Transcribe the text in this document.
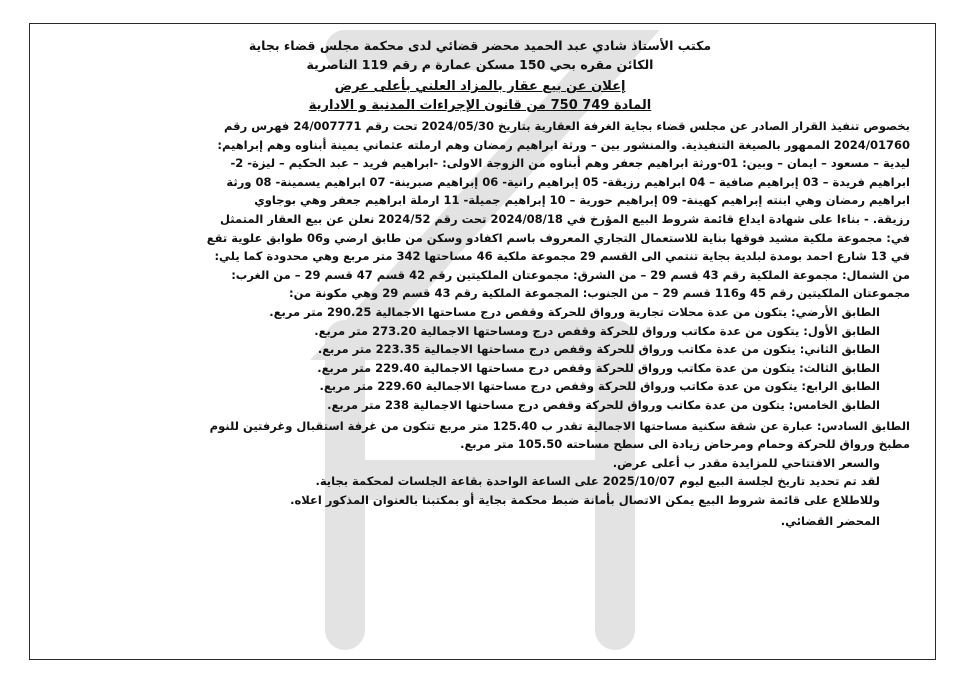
مكتب الأستاذ شادي عبد الحميد محضر قضائي لدى محكمة مجلس قضاء بجاية
الكائن مقره بحي 150 مسكن عمارة م رقم 119 الناصرية
إعلان عن بيع عقار بالمزاد العلني بأعلى عرض
المادة 749 750 من قانون الإجراءات المدنية و الادارية
بخصوص تنفيذ القرار الصادر عن مجلس قضاء بجاية الغرفة العقارية بتاريخ 2024/05/30 تحت رقم 24/007771 فهرس رقم
2024/01760 الممهور بالصيغة التنفيذية. والمنشور بين – ورثة ابراهيم رمضان وهم ارملته عثماني يمينة أبناوه وهم إبراهيم:
ليدية – مسعود – ايمان – وبين: 01-ورثة ابراهيم جعفر وهم أبناوه من الزوجة الاولى: -ابراهيم فريد – عبد الحكيم – ليزة- 2-
ابراهيم فريدة – 03 إبراهيم صافية – 04 ابراهيم رزيقة- 05 إبراهيم رانية- 06 إبراهيم صبرينة- 07 ابراهيم يسمينة- 08 ورثة
ابراهيم رمضان وهي ابنته إبراهيم كهينة- 09 إبراهيم حورية – 10 إبراهيم جميلة- 11 ارملة ابراهيم جعفر وهي بوجاوي
رزيقة. - بناءا على شهادة ايداع قائمة شروط البيع المؤرخ في 2024/08/18 تحت رقم 2024/52 نعلن عن بيع العقار المتمثل
في: مجموعة ملكية مشيد فوقها بناية للاستعمال التجاري المعروف باسم اكفادو وسكن من طابق ارضي و06 طوابق علوية تقع
في 13 شارع احمد بومدة لبلدية بجاية تنتمي الى القسم 29 مجموعة ملكية 46 مساحتها 342 متر مربع وهي محدودة كما يلي:
من الشمال: مجموعة الملكية رقم 43 قسم 29 – من الشرق: مجموعتان الملكيتين رقم 42 قسم 47 قسم 29 – من الغرب:
مجموعتان الملكيتين رقم 45 و116 قسم 29 – من الجنوب: المجموعة الملكية رقم 43 قسم 29 وهي مكونة من:
الطابق الأرضي: يتكون من عدة محلات تجارية ورواق للحركة وقفص درج مساحتها الاجمالية 290.25 متر مربع.
الطابق الأول: يتكون من عدة مكاتب ورواق للحركة وقفص درج ومساحتها الاجمالية 273.20 متر مربع.
الطابق الثاني: يتكون من عدة مكاتب ورواق للحركة وقفص درج مساحتها الاجمالية 223.35 متر مربع.
الطابق الثالث: يتكون من عدة مكاتب ورواق للحركة وقفص درج مساحتها الاجمالية 229.40 متر مربع.
الطابق الرابع: يتكون من عدة مكاتب ورواق للحركة وقفص درج مساحتها الاجمالية 229.60 متر مربع.
الطابق الخامس: يتكون من عدة مكاتب ورواق للحركة وقفص درج مساحتها الاجمالية 238 متر مربع.
الطابق السادس: عبارة عن شقة سكنية مساحتها الاجمالية تقدر ب 125.40 متر مربع تتكون من غرفة استقبال وغرفتين للنوم
مطبخ ورواق للحركة وحمام ومرحاض زيادة الى سطح مساحته 105.50 متر مربع.
والسعر الافتتاحي للمزايدة مقدر ب أعلى عرض.
لقد تم تحديد تاريخ لجلسة البيع ليوم 2025/10/07 على الساعة الواحدة بقاعة الجلسات لمحكمة بجاية.
وللاطلاع على قائمة شروط البيع يمكن الاتصال بأمانة ضبط محكمة بجاية أو بمكتبنا بالعنوان المذكور اعلاه.
المحضر القضائي.
